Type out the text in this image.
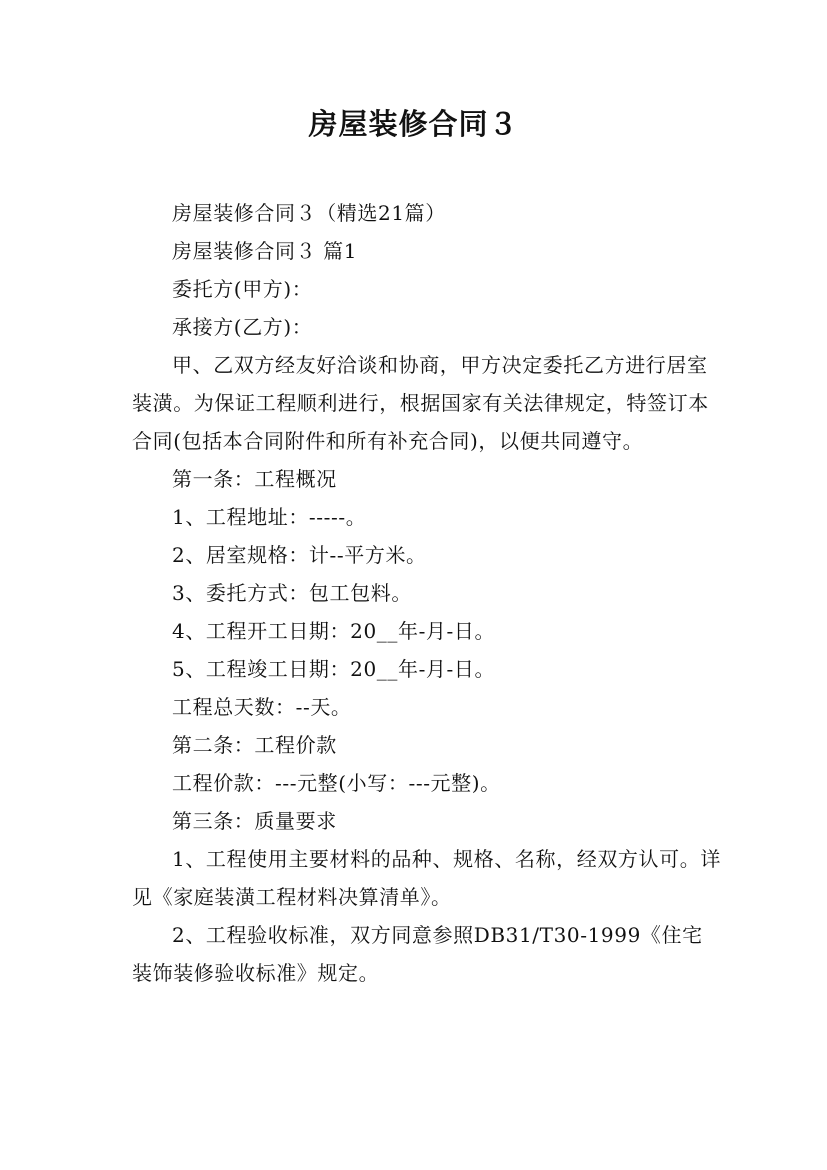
房屋装修合同３

房屋装修合同３（精选21篇）

房屋装修合同３ 篇1

委托方(甲方)：

承接方(乙方)：

甲、乙双方经友好洽谈和协商，甲方决定委托乙方进行居室装潢。为保证工程顺利进行，根据国家有关法律规定，特签订本合同(包括本合同附件和所有补充合同)，以便共同遵守。

第一条：工程概况

1、工程地址：-----。

2、居室规格：计--平方米。

3、委托方式：包工包料。

4、工程开工日期：20__年-月-日。

5、工程竣工日期：20__年-月-日。

工程总天数：--天。

第二条：工程价款

工程价款：---元整(小写：---元整)。

第三条：质量要求

1、工程使用主要材料的品种、规格、名称，经双方认可。详见《家庭装潢工程材料决算清单》。

2、工程验收标准，双方同意参照DB31/T30-1999《住宅装饰装修验收标准》规定。
